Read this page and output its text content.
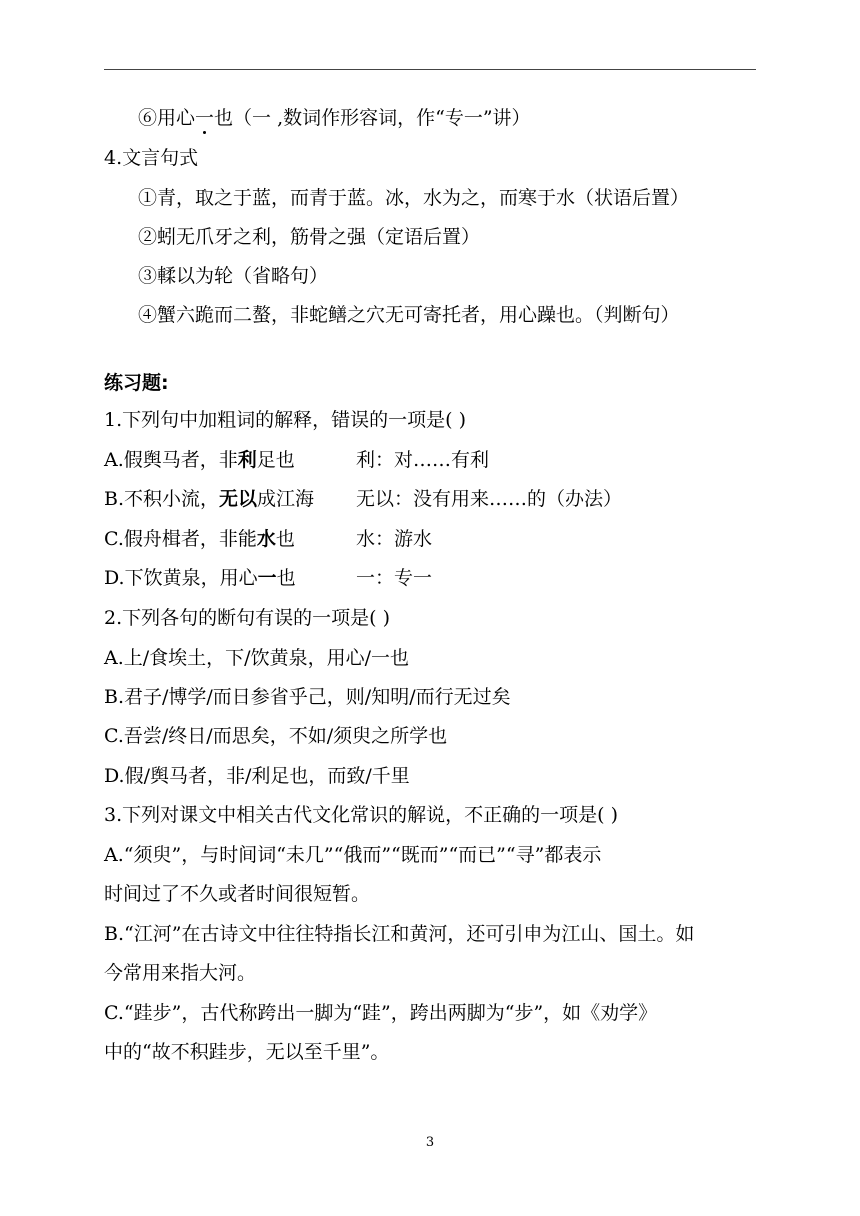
⑥用心一也（一 ,数词作形容词，作“专一”讲）
4.文言句式
①青，取之于蓝，而青于蓝。冰，水为之，而寒于水（状语后置）
②蚓无爪牙之利，筋骨之强（定语后置）
③輮以为轮（省略句）
④蟹六跪而二螯，非蛇鳝之穴无可寄托者，用心躁也。（判断句）
练习题:
1.下列句中加粗词的解释，错误的一项是( )
A.假舆马者，非利足也	利：对……有利
B.不积小流，无以成江海 无以：没有用来……的（办法）
C.假舟楫者，非能水也	水：游水
D.下饮黄泉，用心一也	一：专一
2.下列各句的断句有误的一项是( )
A.上/食埃土，下/饮黄泉，用心/一也
B.君子/博学/而日参省乎己，则/知明/而行无过矣
C.吾尝/终日/而思矣，不如/须臾之所学也
D.假/舆马者，非/利足也，而致/千里
3.下列对课文中相关古代文化常识的解说，不正确的一项是( )
A.“须臾”，与时间词“未几”“俄而”“既而”“而已”“寻”都表示
时间过了不久或者时间很短暂。
B.“江河”在古诗文中往往特指长江和黄河，还可引申为江山、国土。如
今常用来指大河。
C.“跬步”，古代称跨出一脚为“跬”，跨出两脚为“步”，如《劝学》
中的“故不积跬步，无以至千里”。
3
